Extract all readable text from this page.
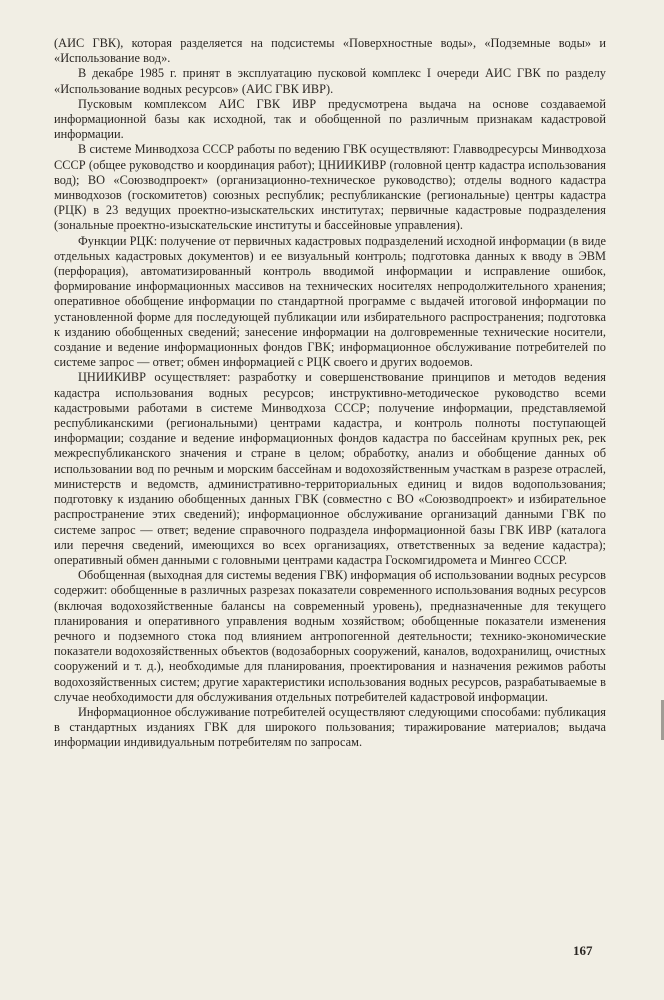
(АИС ГВК), которая разделяется на подсистемы «Поверхностные воды», «Подземные воды» и «Использование вод».

В декабре 1985 г. принят в эксплуатацию пусковой комплекс I очереди АИС ГВК по разделу «Использование водных ресурсов» (АИС ГВК ИВР).

Пусковым комплексом АИС ГВК ИВР предусмотрена выдача на основе создаваемой информационной базы как исходной, так и обобщенной по различным признакам кадастровой информации.

В системе Минводхоза СССР работы по ведению ГВК осуществляют: Главводресурсы Минводхоза СССР (общее руководство и координация работ); ЦНИИКИВР (головной центр кадастра использования вод); ВО «Союзводпроект» (организационно-техническое руководство); отделы водного кадастра минводхозов (госкомитетов) союзных республик; республиканские (региональные) центры кадастра (РЦК) в 23 ведущих проектно-изыскательских институтах; первичные кадастровые подразделения (зональные проектно-изыскательские институты и бассейновые управления).

Функции РЦК: получение от первичных кадастровых подразделений исходной информации (в виде отдельных кадастровых документов) и ее визуальный контроль; подготовка данных к вводу в ЭВМ (перфорация), автоматизированный контроль вводимой информации и исправление ошибок, формирование информационных массивов на технических носителях непродолжительного хранения; оперативное обобщение информации по стандартной программе с выдачей итоговой информации по установленной форме для последующей публикации или избирательного распространения; подготовка к изданию обобщенных сведений; занесение информации на долговременные технические носители, создание и ведение информационных фондов ГВК; информационное обслуживание потребителей по системе запрос — ответ; обмен информацией с РЦК своего и других водоемов.

ЦНИИКИВР осуществляет: разработку и совершенствование принципов и методов ведения кадастра использования водных ресурсов; инструктивно-методическое руководство всеми кадастровыми работами в системе Минводхоза СССР; получение информации, представляемой республиканскими (региональными) центрами кадастра, и контроль полноты поступающей информации; создание и ведение информационных фондов кадастра по бассейнам крупных рек, рек межреспубликанского значения и стране в целом; обработку, анализ и обобщение данных об использовании вод по речным и морским бассейнам и водохозяйственным участкам в разрезе отраслей, министерств и ведомств, административно-территориальных единиц и видов водопользования; подготовку к изданию обобщенных данных ГВК (совместно с ВО «Союзводпроект» и избирательное распространение этих сведений); информационное обслуживание организаций данными ГВК по системе запрос — ответ; ведение справочного подраздела информационной базы ГВК ИВР (каталога или перечня сведений, имеющихся во всех организациях, ответственных за ведение кадастра); оперативный обмен данными с головными центрами кадастра Госкомгидромета и Мингео СССР.

Обобщенная (выходная для системы ведения ГВК) информация об использовании водных ресурсов содержит: обобщенные в различных разрезах показатели современного использования водных ресурсов (включая водохозяйственные балансы на современный уровень), предназначенные для текущего планирования и оперативного управления водным хозяйством; обобщенные показатели изменения речного и подземного стока под влиянием антропогенной деятельности; технико-экономические показатели водохозяйственных объектов (водозаборных сооружений, каналов, водохранилищ, очистных сооружений и т. д.), необходимые для планирования, проектирования и назначения режимов работы водохозяйственных систем; другие характеристики использования водных ресурсов, разрабатываемые в случае необходимости для обслуживания отдельных потребителей кадастровой информации.

Информационное обслуживание потребителей осуществляют следующими способами: публикация в стандартных изданиях ГВК для широкого пользования; тиражирование материалов; выдача информации индивидуальным потребителям по запросам.

167
